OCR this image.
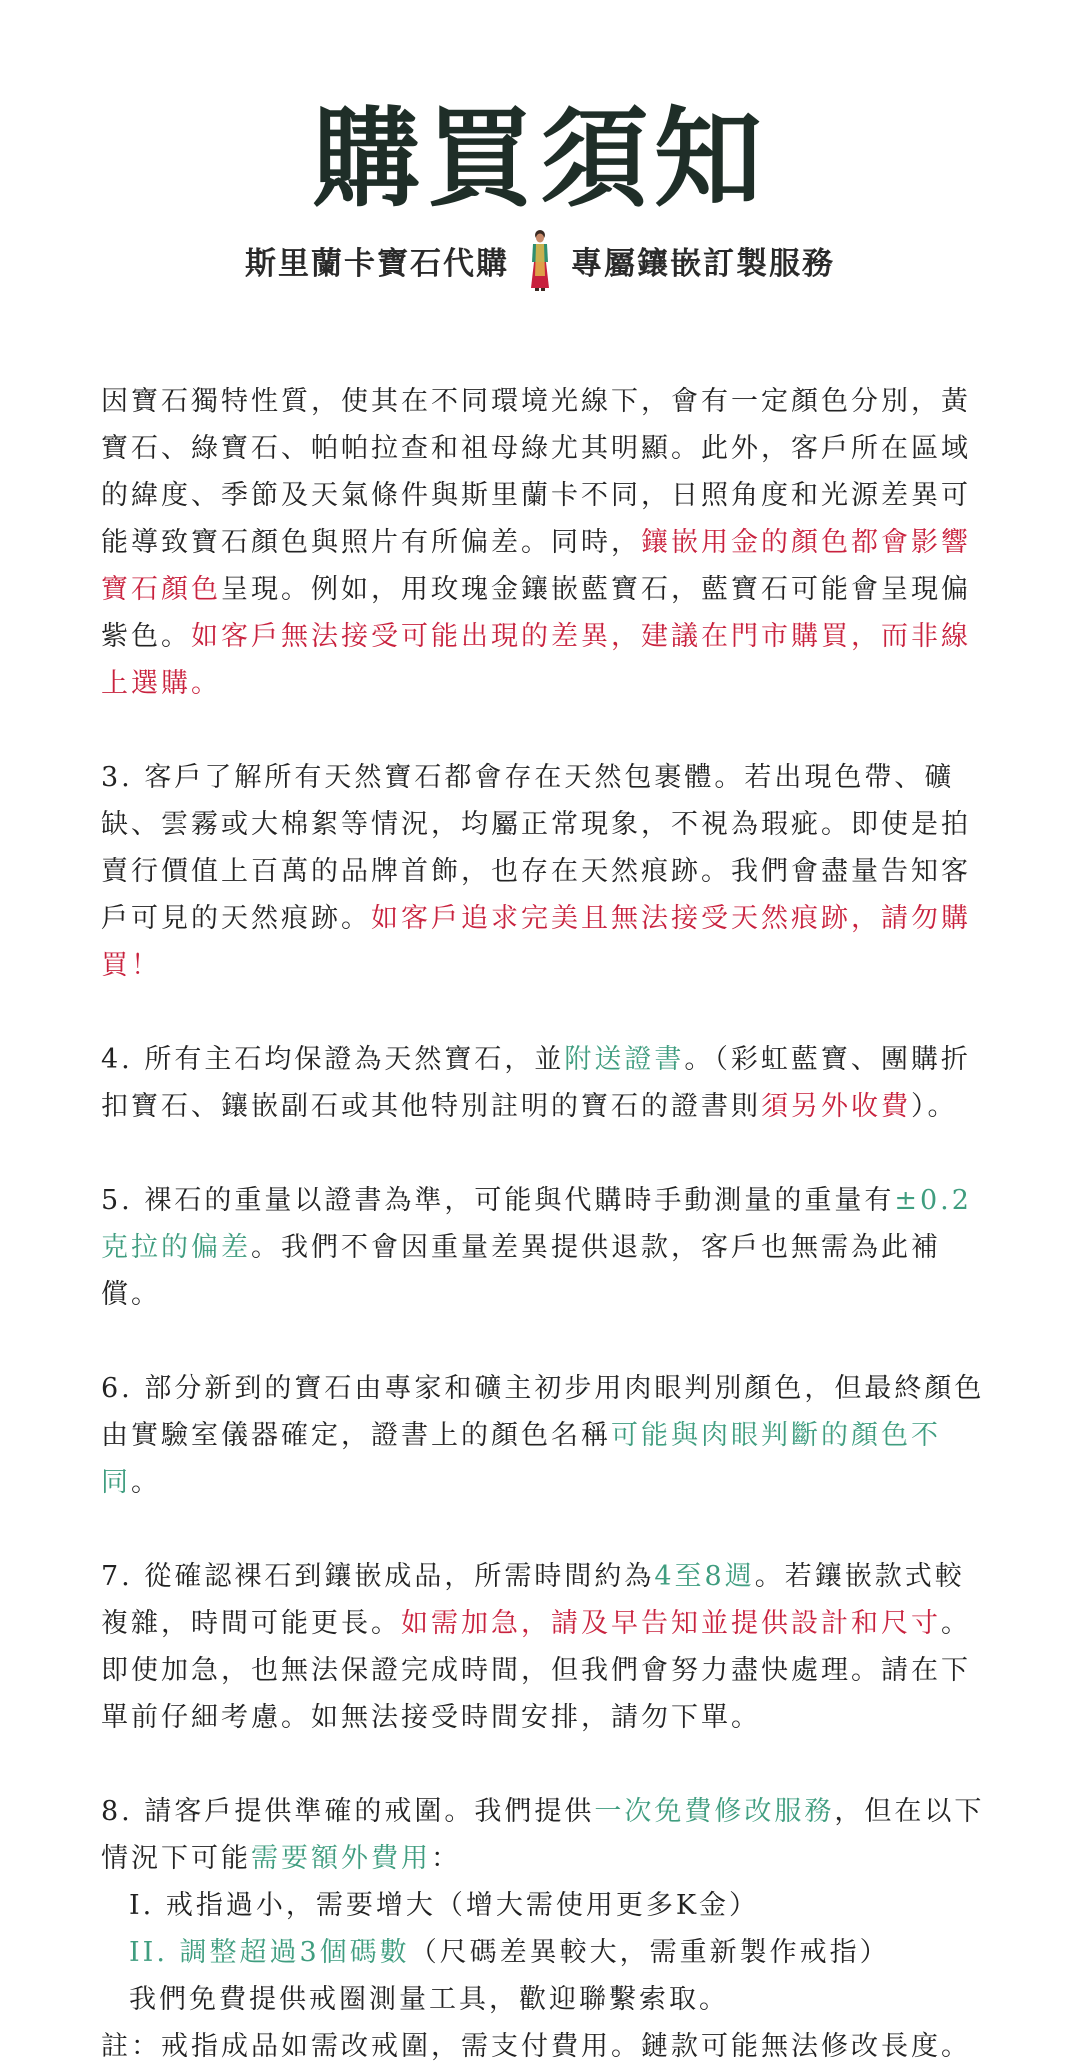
購買須知
斯里蘭卡寶石代購 專屬鑲嵌訂製服務

因寶石獨特性質，使其在不同環境光線下，會有一定顏色分別，黃寶石、綠寶石、帕帕拉查和祖母綠尤其明顯。此外，客戶所在區域的緯度、季節及天氣條件與斯里蘭卡不同，日照角度和光源差異可能導致寶石顏色與照片有所偏差。同時，鑲嵌用金的顏色都會影響寶石顏色呈現。例如，用玫瑰金鑲嵌藍寶石，藍寶石可能會呈現偏紫色。如客戶無法接受可能出現的差異，建議在門市購買，而非線上選購。

3. 客戶了解所有天然寶石都會存在天然包裹體。若出現色帶、礦缺、雲霧或大棉絮等情況，均屬正常現象，不視為瑕疵。即使是拍賣行價值上百萬的品牌首飾，也存在天然痕跡。我們會盡量告知客戶可見的天然痕跡。如客戶追求完美且無法接受天然痕跡，請勿購買！

4. 所有主石均保證為天然寶石，並附送證書。（彩虹藍寶、團購折扣寶石、鑲嵌副石或其他特別註明的寶石的證書則須另外收費）。

5. 裸石的重量以證書為準，可能與代購時手動測量的重量有±0.2克拉的偏差。我們不會因重量差異提供退款，客戶也無需為此補償。

6. 部分新到的寶石由專家和礦主初步用肉眼判別顏色，但最終顏色由實驗室儀器確定，證書上的顏色名稱可能與肉眼判斷的顏色不同。

7. 從確認裸石到鑲嵌成品，所需時間約為4至8週。若鑲嵌款式較複雜，時間可能更長。如需加急，請及早告知並提供設計和尺寸。即使加急，也無法保證完成時間，但我們會努力盡快處理。請在下單前仔細考慮。如無法接受時間安排，請勿下單。

8. 請客戶提供準確的戒圍。我們提供一次免費修改服務，但在以下情況下可能需要額外費用：

I. 戒指過小，需要增大（增大需使用更多K金）
II. 調整超過3個碼數（尺碼差異較大，需重新製作戒指）
我們免費提供戒圈測量工具，歡迎聯繫索取。
註：戒指成品如需改戒圍，需支付費用。鏈款可能無法修改長度。
